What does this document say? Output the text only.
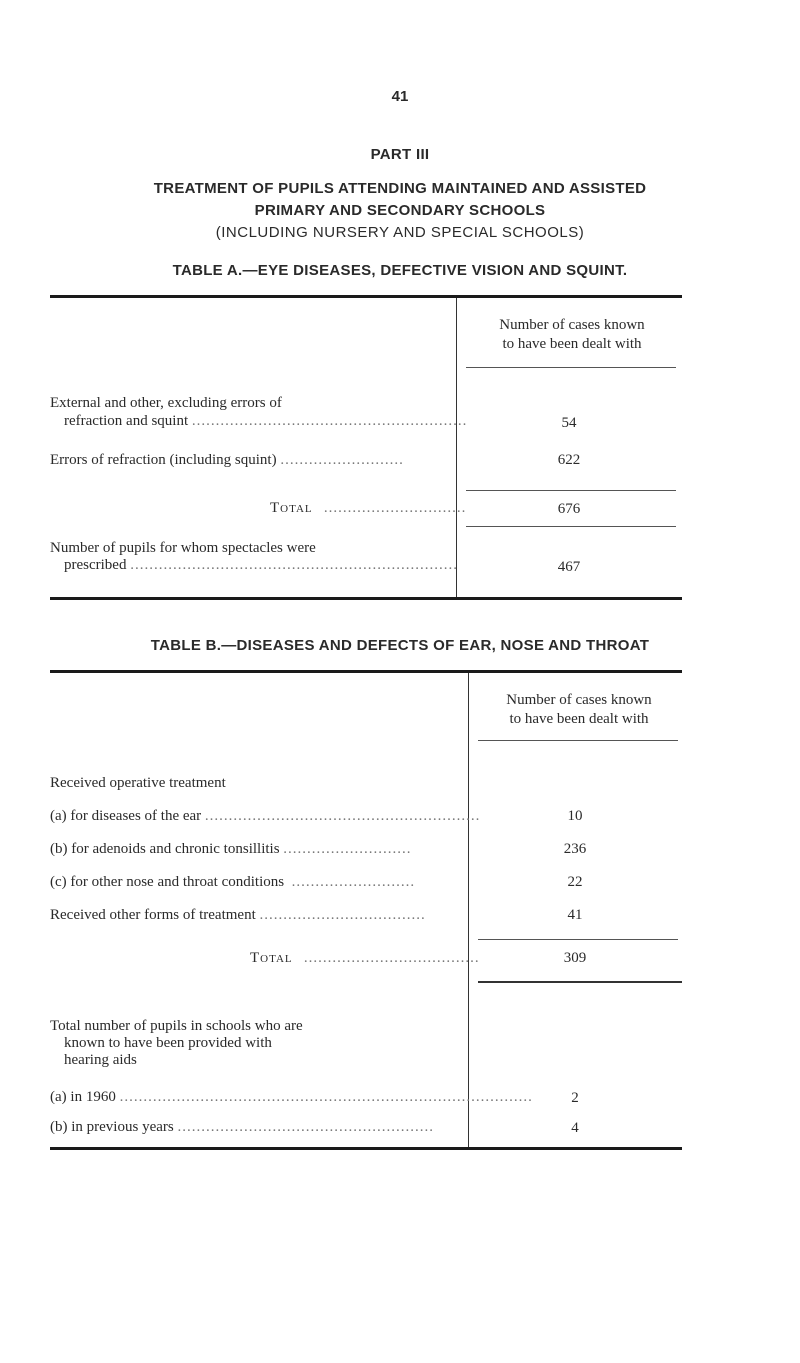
41
PART III
TREATMENT OF PUPILS ATTENDING MAINTAINED AND ASSISTED
PRIMARY AND SECONDARY SCHOOLS
(INCLUDING NURSERY AND SPECIAL SCHOOLS)
TABLE A.—EYE DISEASES, DEFECTIVE VISION AND SQUINT.
Number of cases known
to have been dealt with
External and other, excluding errors of
refraction and squint ..........................................................	54
Errors of refraction (including squint) ..........................	622
Total ..............................	676
Number of pupils for whom spectacles were
prescribed .....................................................................	467
TABLE B.—DISEASES AND DEFECTS OF EAR, NOSE AND THROAT
Number of cases known
to have been dealt with
Received operative treatment
(a) for diseases of the ear ..........................................................	10
(b) for adenoids and chronic tonsillitis ...........................	236
(c) for other nose and throat conditions ..........................	22
Received other forms of treatment ...................................	41
Total .....................................	309
Total number of pupils in schools who are
known to have been provided with
hearing aids
(a) in 1960 .......................................................................................	2
(b) in previous years ......................................................	4
